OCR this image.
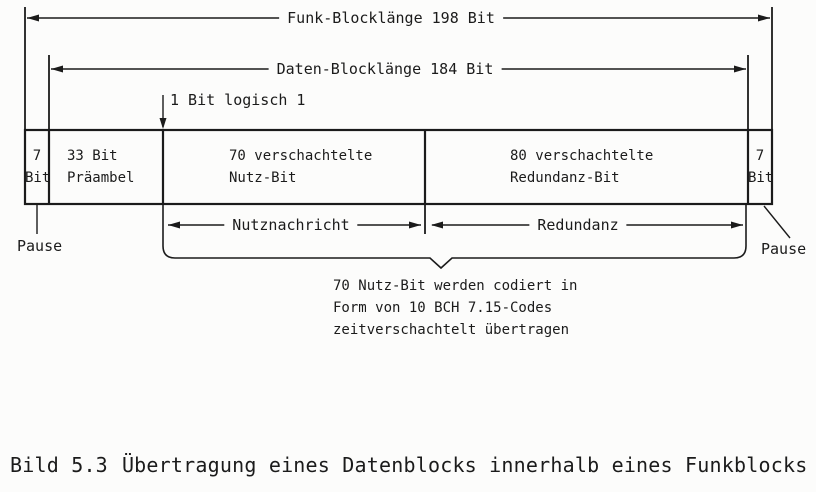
Funk-Blocklänge 198 Bit
Daten-Blocklänge 184 Bit
1 Bit logisch 1
7
Bit
33 Bit
Präambel
70 verschachtelte
Nutz-Bit
80 verschachtelte
Redundanz-Bit
7
Bit
Nutznachricht	Redundanz
Pause	Pause
70 Nutz-Bit werden codiert in
Form von 10 BCH 7.15-Codes
zeitverschachtelt übertragen
Bild 5.3 Übertragung eines Datenblocks innerhalb eines Funkblocks
